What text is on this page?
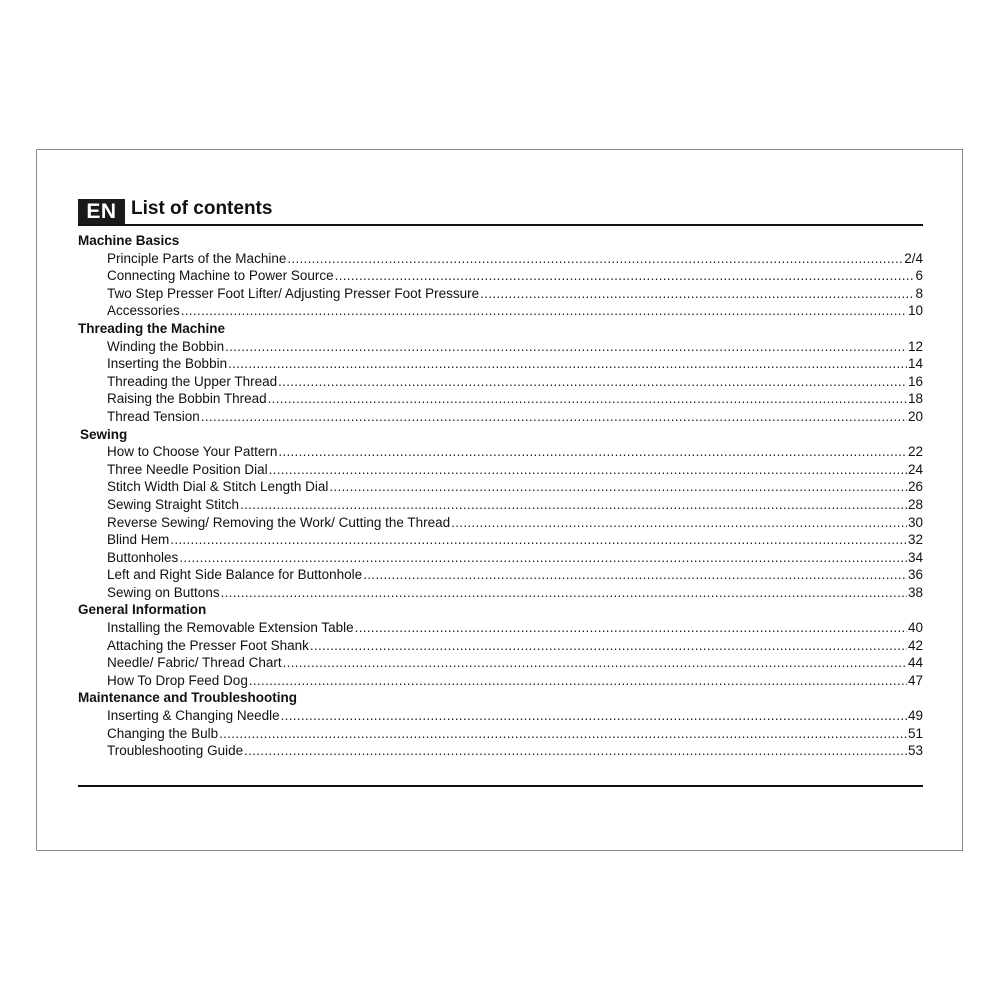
EN List of contents
Machine Basics
Principle Parts of the Machine .....	2/4
Connecting Machine to Power Source .....	6
Two Step Presser Foot Lifter/ Adjusting Presser Foot Pressure .....	8
Accessories .....	10
Threading the Machine
Winding the Bobbin .....	12
Inserting the Bobbin .....	14
Threading the Upper Thread .....	16
Raising the Bobbin Thread .....	18
Thread Tension .....	20
Sewing
How to Choose Your Pattern .....	22
Three Needle Position Dial .....	24
Stitch Width Dial & Stitch Length Dial .....	26
Sewing Straight Stitch .....	28
Reverse Sewing/ Removing the Work/ Cutting the Thread .....	30
Blind Hem .....	32
Buttonholes .....	34
Left and Right Side Balance for Buttonhole .....	36
Sewing on Buttons .....	38
General Information
Installing the Removable Extension Table .....	40
Attaching the Presser Foot Shank .....	42
Needle/ Fabric/ Thread Chart .....	44
How To Drop Feed Dog .....	47
Maintenance and Troubleshooting
Inserting & Changing Needle .....	49
Changing the Bulb .....	51
Troubleshooting Guide .....	53
